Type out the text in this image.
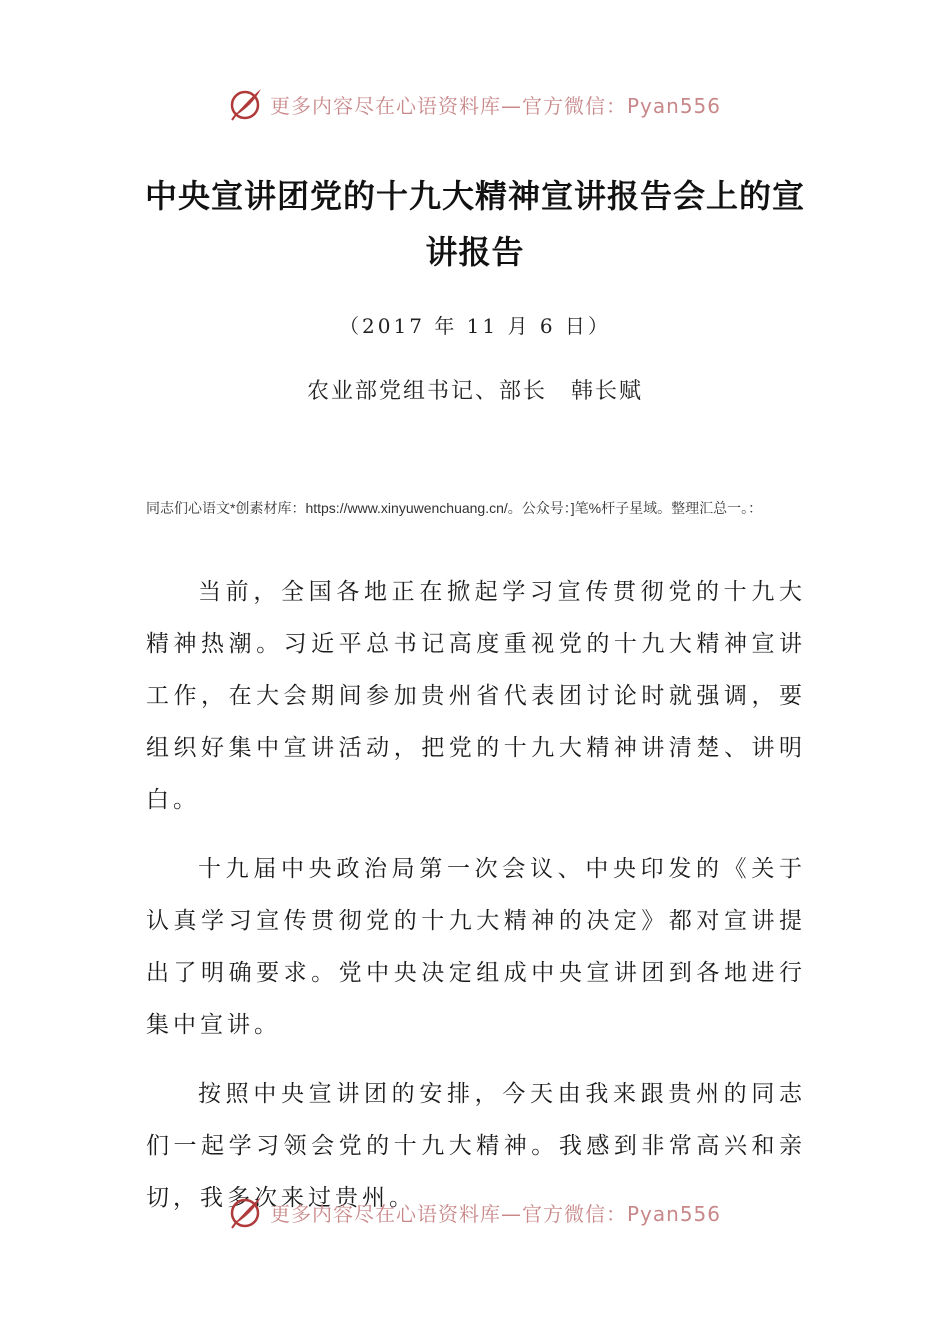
更多内容尽在心语资料库—官方微信：Pyan556
中央宣讲团党的十九大精神宣讲报告会上的宣讲报告
（2017 年 11 月 6 日）
农业部党组书记、部长　韩长赋
同志们心语文*创素材库：https://www.xinyuwenchuang.cn/。公众号：]笔%杆子星域。整理汇总一。：

当前，全国各地正在掀起学习宣传贯彻党的十九大精神热潮。习近平总书记高度重视党的十九大精神宣讲工作，在大会期间参加贵州省代表团讨论时就强调，要组织好集中宣讲活动，把党的十九大精神讲清楚、讲明白。

十九届中央政治局第一次会议、中央印发的《关于认真学习宣传贯彻党的十九大精神的决定》都对宣讲提出了明确要求。党中央决定组成中央宣讲团到各地进行集中宣讲。

按照中央宣讲团的安排，今天由我来跟贵州的同志们一起学习领会党的十九大精神。我感到非常高兴和亲切，我多次来过贵州。

更多内容尽在心语资料库—官方微信：Pyan556
